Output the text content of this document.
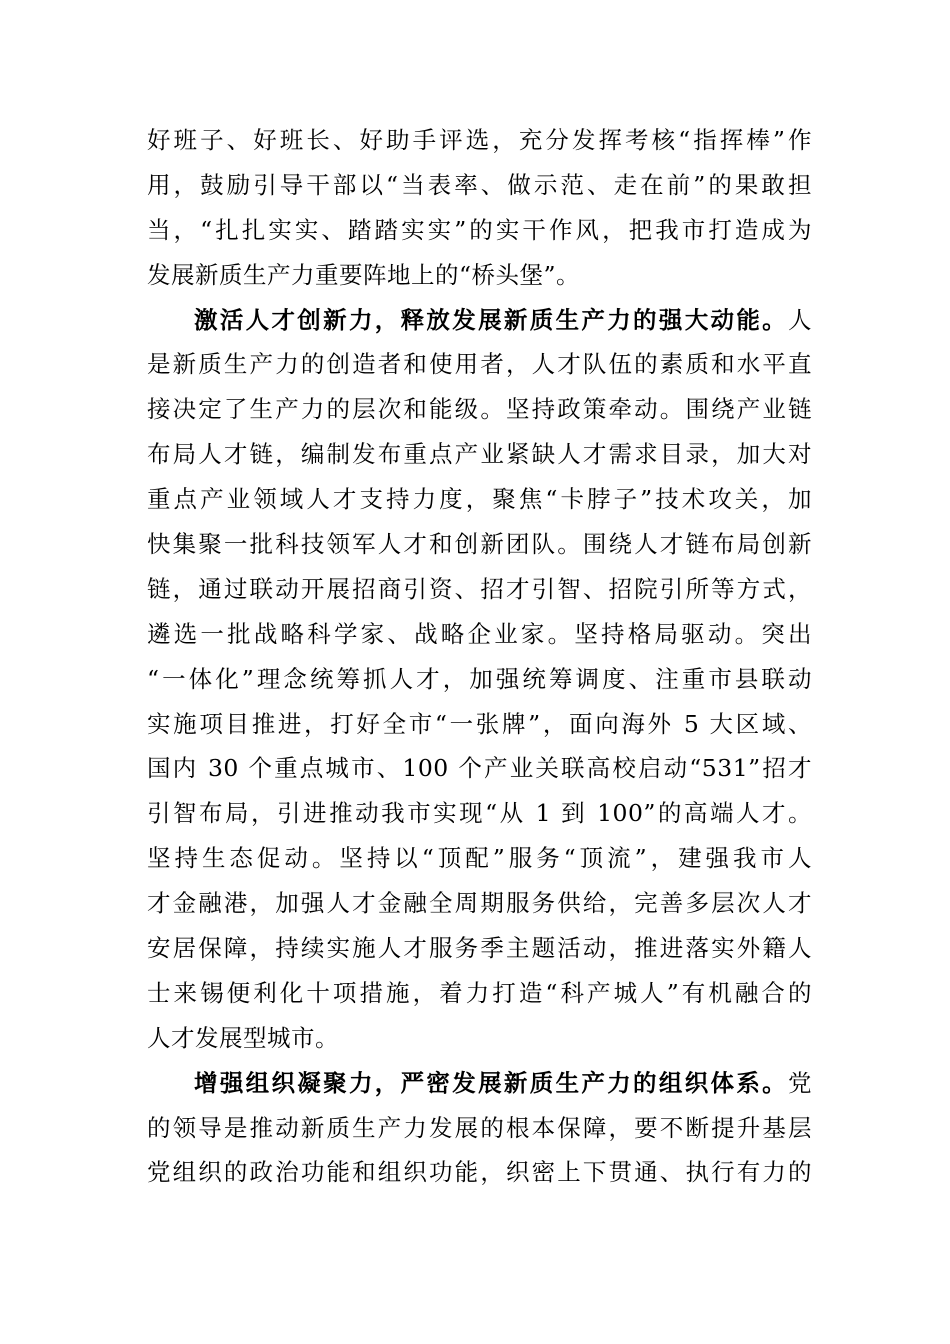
好班子、好班长、好助手评选，充分发挥考核“指挥棒”作
用，鼓励引导干部以“当表率、做示范、走在前”的果敢担
当，“扎扎实实、踏踏实实”的实干作风，把我市打造成为
发展新质生产力重要阵地上的“桥头堡”。
激活人才创新力，释放发展新质生产力的强大动能。人
是新质生产力的创造者和使用者，人才队伍的素质和水平直
接决定了生产力的层次和能级。坚持政策牵动。围绕产业链
布局人才链，编制发布重点产业紧缺人才需求目录，加大对
重点产业领域人才支持力度，聚焦“卡脖子”技术攻关，加
快集聚一批科技领军人才和创新团队。围绕人才链布局创新
链，通过联动开展招商引资、招才引智、招院引所等方式，
遴选一批战略科学家、战略企业家。坚持格局驱动。突出
“一体化”理念统筹抓人才，加强统筹调度、注重市县联动
实施项目推进，打好全市“一张牌”，面向海外 5 大区域、
国内 30 个重点城市、100 个产业关联高校启动“531”招才
引智布局，引进推动我市实现“从 1 到 100”的高端人才。
坚持生态促动。坚持以“顶配”服务“顶流”，建强我市人
才金融港，加强人才金融全周期服务供给，完善多层次人才
安居保障，持续实施人才服务季主题活动，推进落实外籍人
士来锡便利化十项措施，着力打造“科产城人”有机融合的
人才发展型城市。
增强组织凝聚力，严密发展新质生产力的组织体系。党
的领导是推动新质生产力发展的根本保障，要不断提升基层
党组织的政治功能和组织功能，织密上下贯通、执行有力的
